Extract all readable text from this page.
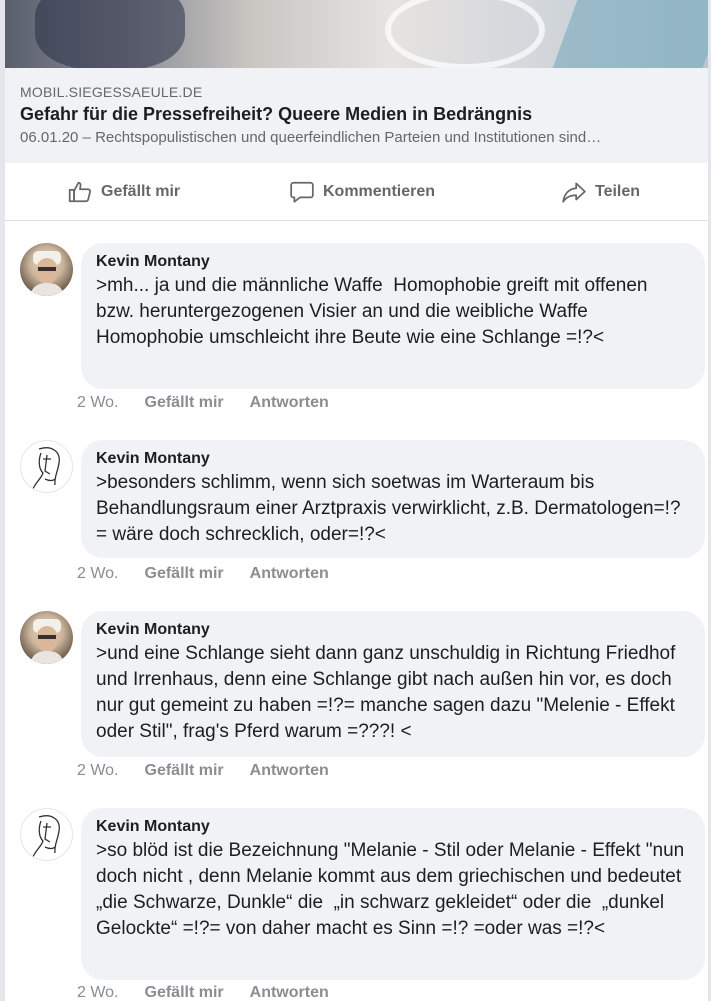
MOBIL.SIEGESSAEULE.DE
Gefahr für die Pressefreiheit? Queere Medien in Bedrängnis
06.01.20 – Rechtspopulistischen und queerfeindlichen Parteien und Institutionen sind…
Gefällt mir	Kommentieren	Teilen
Kevin Montany
>mh... ja und die männliche Waffe  Homophobie greift mit offenen bzw. heruntergezogenen Visier an und die weibliche Waffe Homophobie umschleicht ihre Beute wie eine Schlange =!?<
2 Wo. Gefällt mir Antworten
Kevin Montany
>besonders schlimm, wenn sich soetwas im Warteraum bis Behandlungsraum einer Arztpraxis verwirklicht, z.B. Dermatologen=!?= wäre doch schrecklich, oder=!?<
2 Wo. Gefällt mir Antworten
Kevin Montany
>und eine Schlange sieht dann ganz unschuldig in Richtung Friedhof und Irrenhaus, denn eine Schlange gibt nach außen hin vor, es doch nur gut gemeint zu haben =!?= manche sagen dazu "Melenie - Effekt oder Stil", frag's Pferd warum =???! <
2 Wo. Gefällt mir Antworten
Kevin Montany
>so blöd ist die Bezeichnung "Melanie - Stil oder Melanie - Effekt "nun doch nicht , denn Melanie kommt aus dem griechischen und bedeutet  „die Schwarze, Dunkle“ die  „in schwarz gekleidet“ oder die  „dunkel Gelockte“ =!?= von daher macht es Sinn =!? =oder was =!?<
2 Wo. Gefällt mir Antworten
